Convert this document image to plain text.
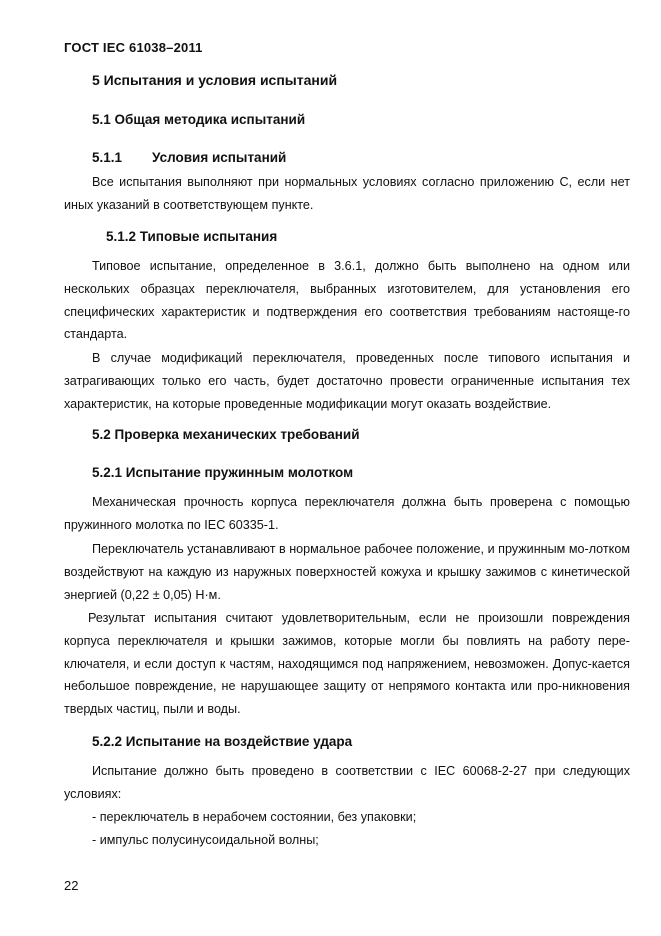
ГОСТ IEC 61038–2011
5 Испытания и условия испытаний
5.1 Общая методика испытаний
5.1.1 Условия испытаний
Все испытания выполняют при нормальных условиях согласно приложению С, если нет иных указаний в соответствующем пункте.
5.1.2 Типовые испытания
Типовое испытание, определенное в 3.6.1, должно быть выполнено на одном или нескольких образцах переключателя, выбранных изготовителем, для установления его специфических характеристик и подтверждения его соответствия требованиям настояще-го стандарта.
В случае модификаций переключателя, проведенных после типового испытания и затрагивающих только его часть, будет достаточно провести ограниченные испытания тех характеристик, на которые проведенные модификации могут оказать воздействие.
5.2 Проверка механических требований
5.2.1 Испытание пружинным молотком
Механическая прочность корпуса переключателя должна быть проверена с помощью пружинного молотка по IEC 60335-1.
Переключатель устанавливают в нормальное рабочее положение, и пружинным мо-лотком воздействуют на каждую из наружных поверхностей кожуха и крышку зажимов с кинетической энергией (0,22 ± 0,05) Н·м.
Результат испытания считают удовлетворительным, если не произошли повреждения корпуса переключателя и крышки зажимов, которые могли бы повлиять на работу пере-ключателя, и если доступ к частям, находящимся под напряжением, невозможен. Допус-кается небольшое повреждение, не нарушающее защиту от непрямого контакта или про-никновения твердых частиц, пыли и воды.
5.2.2 Испытание на воздействие удара
Испытание должно быть проведено в соответствии с IEC 60068-2-27 при следующих условиях:
- переключатель в нерабочем состоянии, без упаковки;
- импульс полусинусоидальной волны;
22
